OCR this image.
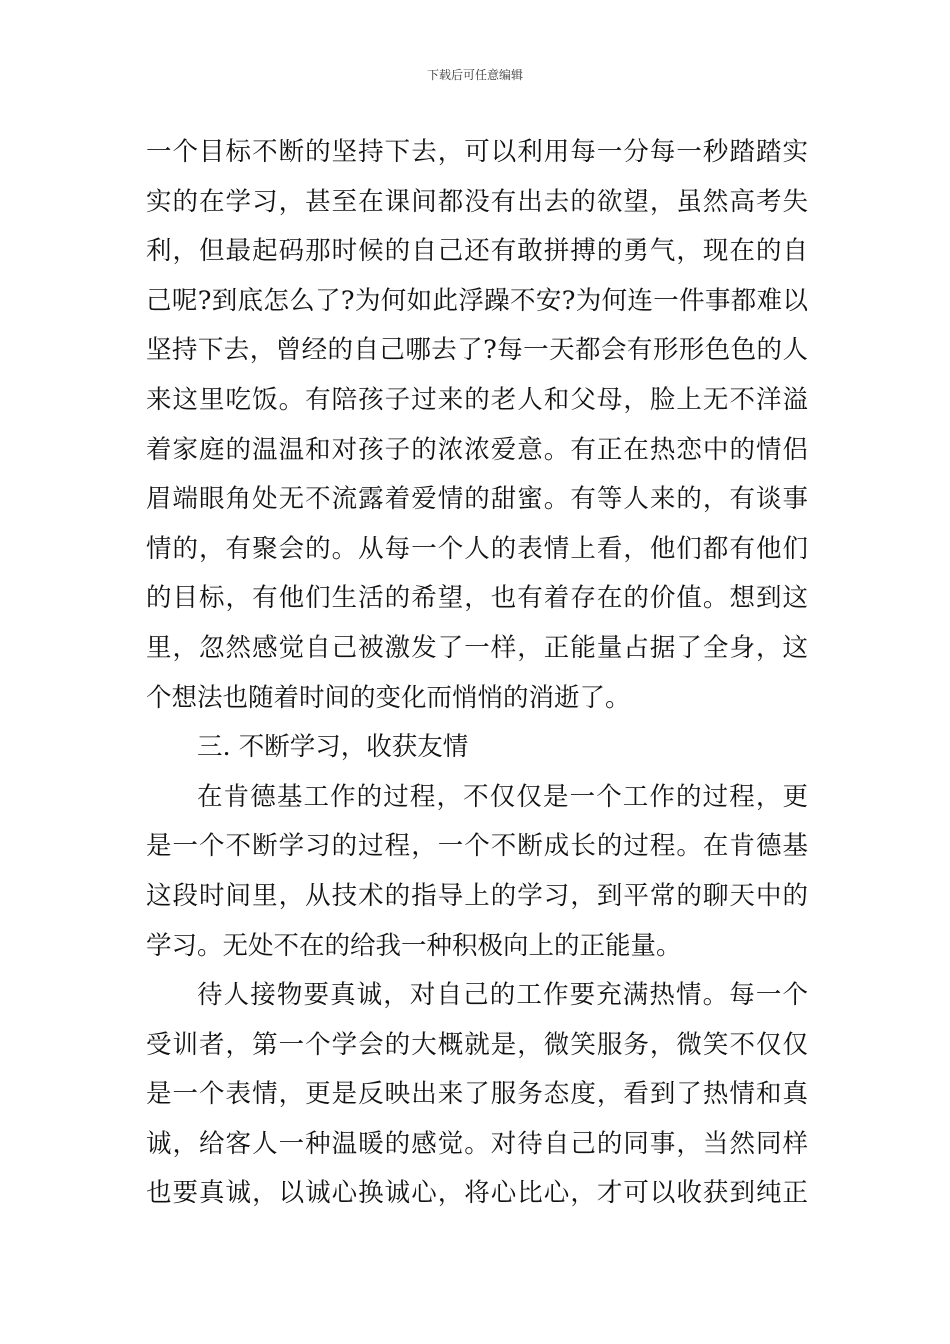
下载后可任意编辑
一个目标不断的坚持下去，可以利用每一分每一秒踏踏实
实的在学习，甚至在课间都没有出去的欲望，虽然高考失
利，但最起码那时候的自己还有敢拼搏的勇气，现在的自
己呢?到底怎么了?为何如此浮躁不安?为何连一件事都难以
坚持下去，曾经的自己哪去了?每一天都会有形形色色的人
来这里吃饭。有陪孩子过来的老人和父母，脸上无不洋溢
着家庭的温温和对孩子的浓浓爱意。有正在热恋中的情侣
眉端眼角处无不流露着爱情的甜蜜。有等人来的，有谈事
情的，有聚会的。从每一个人的表情上看，他们都有他们
的目标，有他们生活的希望，也有着存在的价值。想到这
里，忽然感觉自己被激发了一样，正能量占据了全身，这
个想法也随着时间的变化而悄悄的消逝了。
三. 不断学习，收获友情
在肯德基工作的过程，不仅仅是一个工作的过程，更
是一个不断学习的过程，一个不断成长的过程。在肯德基
这段时间里，从技术的指导上的学习，到平常的聊天中的
学习。无处不在的给我一种积极向上的正能量。
待人接物要真诚，对自己的工作要充满热情。每一个
受训者，第一个学会的大概就是，微笑服务，微笑不仅仅
是一个表情，更是反映出来了服务态度，看到了热情和真
诚，给客人一种温暖的感觉。对待自己的同事，当然同样
也要真诚，以诚心换诚心，将心比心，才可以收获到纯正
